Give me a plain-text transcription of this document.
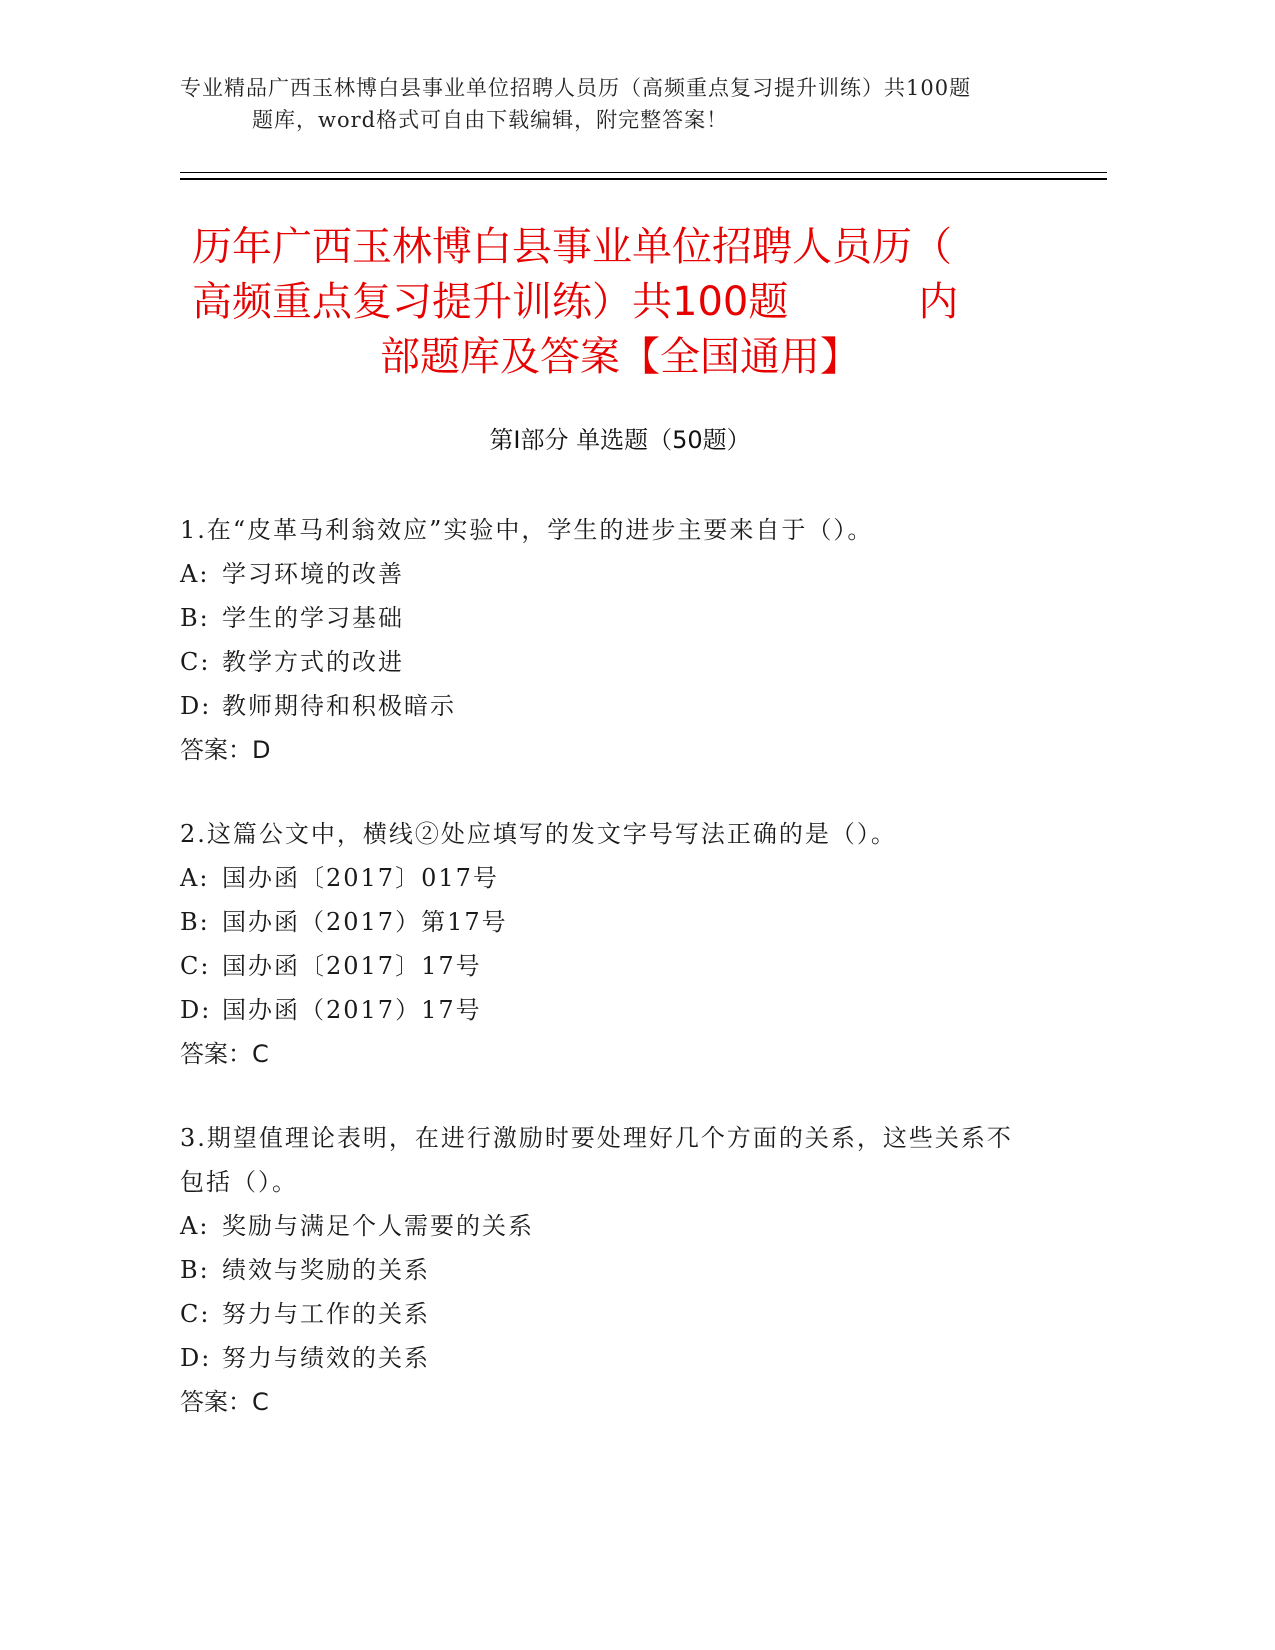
专业精品广西玉林博白县事业单位招聘人员历（高频重点复习提升训练）共100题
题库，word格式可自由下载编辑，附完整答案！
历年广西玉林博白县事业单位招聘人员历（
高频重点复习提升训练）共100题	内
部题库及答案【全国通用】
第I部分 单选题（50题）
1.在“皮革马利翁效应”实验中，学生的进步主要来自于（）。
A: 学习环境的改善
B: 学生的学习基础
C: 教学方式的改进
D: 教师期待和积极暗示
答案：D
2.这篇公文中，横线②处应填写的发文字号写法正确的是（）。
A: 国办函〔2017〕017号
B: 国办函（2017）第17号
C: 国办函〔2017〕17号
D: 国办函（2017）17号
答案：C
3.期望值理论表明，在进行激励时要处理好几个方面的关系，这些关系不包括（）。
A: 奖励与满足个人需要的关系
B: 绩效与奖励的关系
C: 努力与工作的关系
D: 努力与绩效的关系
答案：C
